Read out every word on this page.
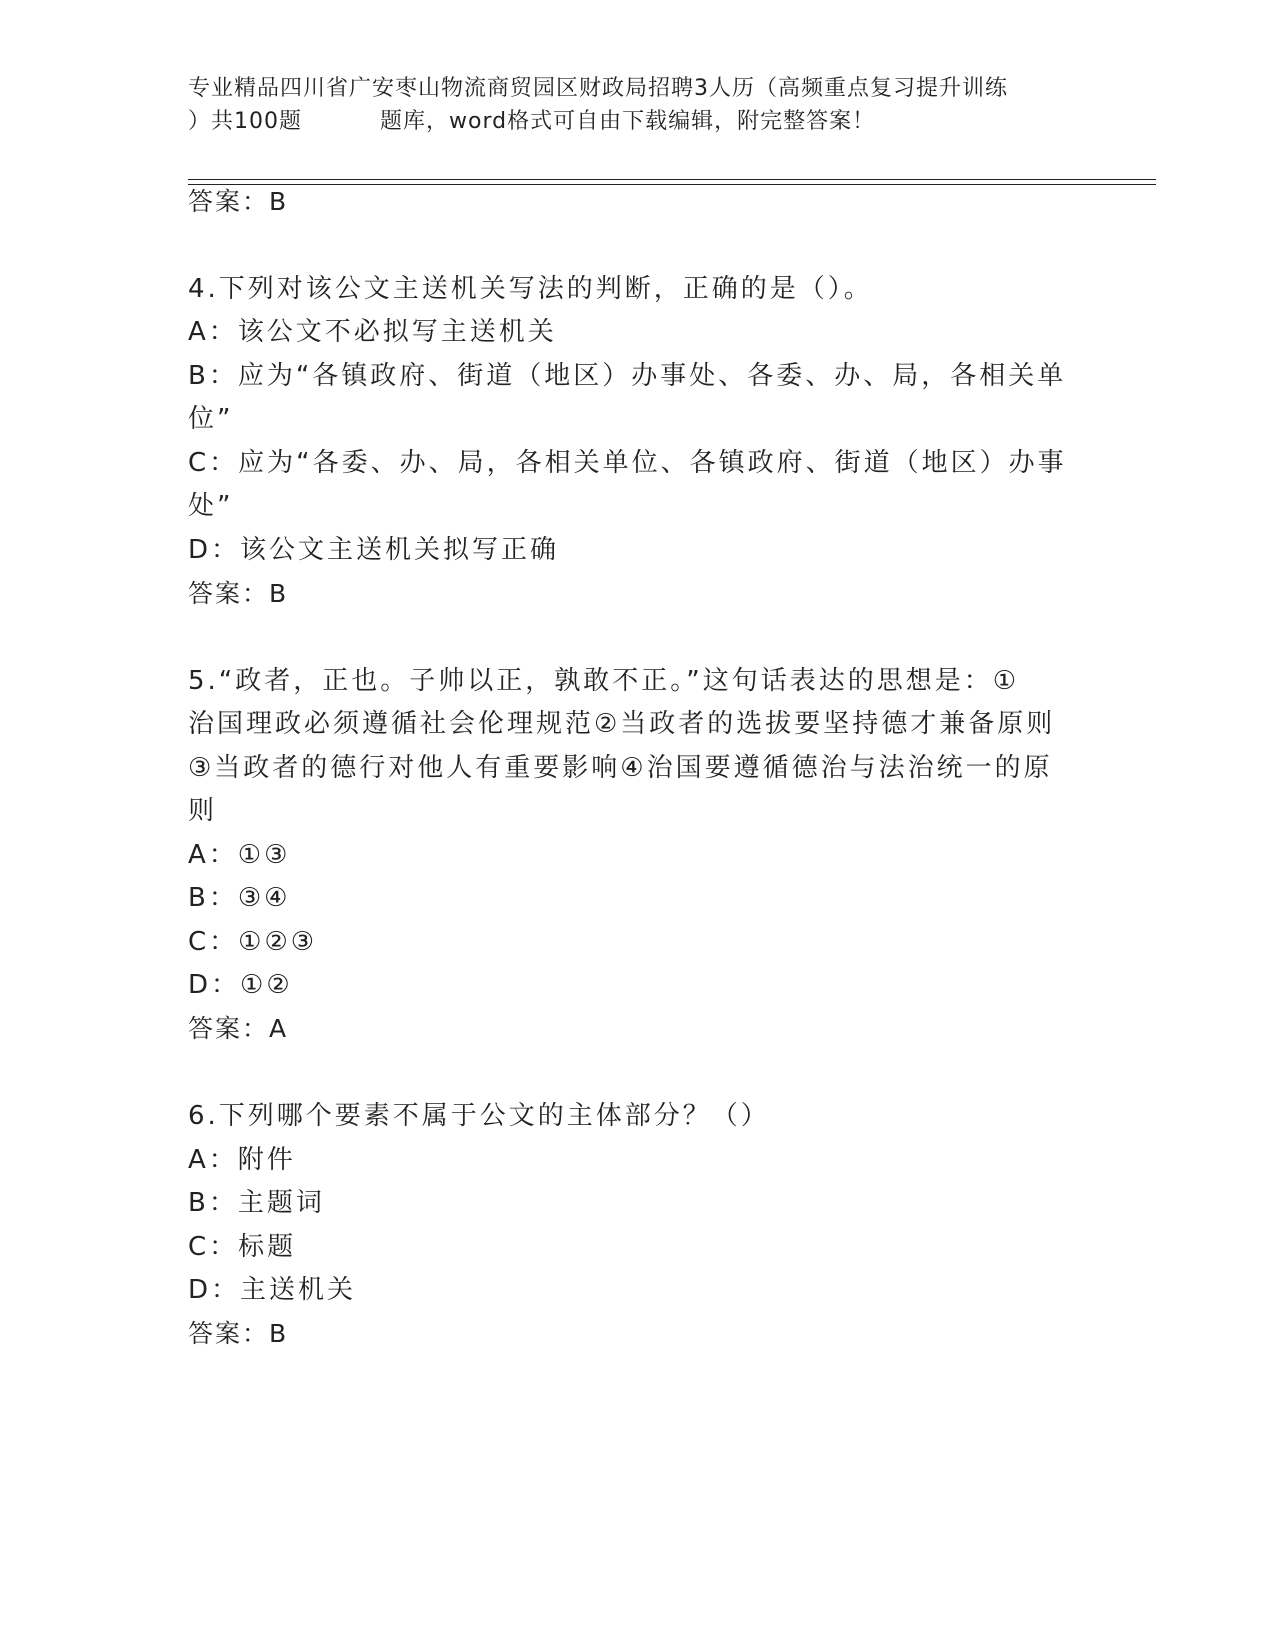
专业精品四川省广安枣山物流商贸园区财政局招聘3人历（高频重点复习提升训练
）共100题	题库，word格式可自由下载编辑，附完整答案！
答案：B
4.下列对该公文主送机关写法的判断，正确的是（）。
A：该公文不必拟写主送机关
B：应为“各镇政府、街道（地区）办事处、各委、办、局，各相关单
位”
C：应为“各委、办、局，各相关单位、各镇政府、街道（地区）办事
处”
D：该公文主送机关拟写正确
答案：B
5.“政者，正也。子帅以正，孰敢不正。”这句话表达的思想是：①
治国理政必须遵循社会伦理规范②当政者的选拔要坚持德才兼备原则
③当政者的德行对他人有重要影响④治国要遵循德治与法治统一的原
则
A：①③
B：③④
C：①②③
D：①②
答案：A
6.下列哪个要素不属于公文的主体部分？（）
A：附件
B：主题词
C：标题
D：主送机关
答案：B
